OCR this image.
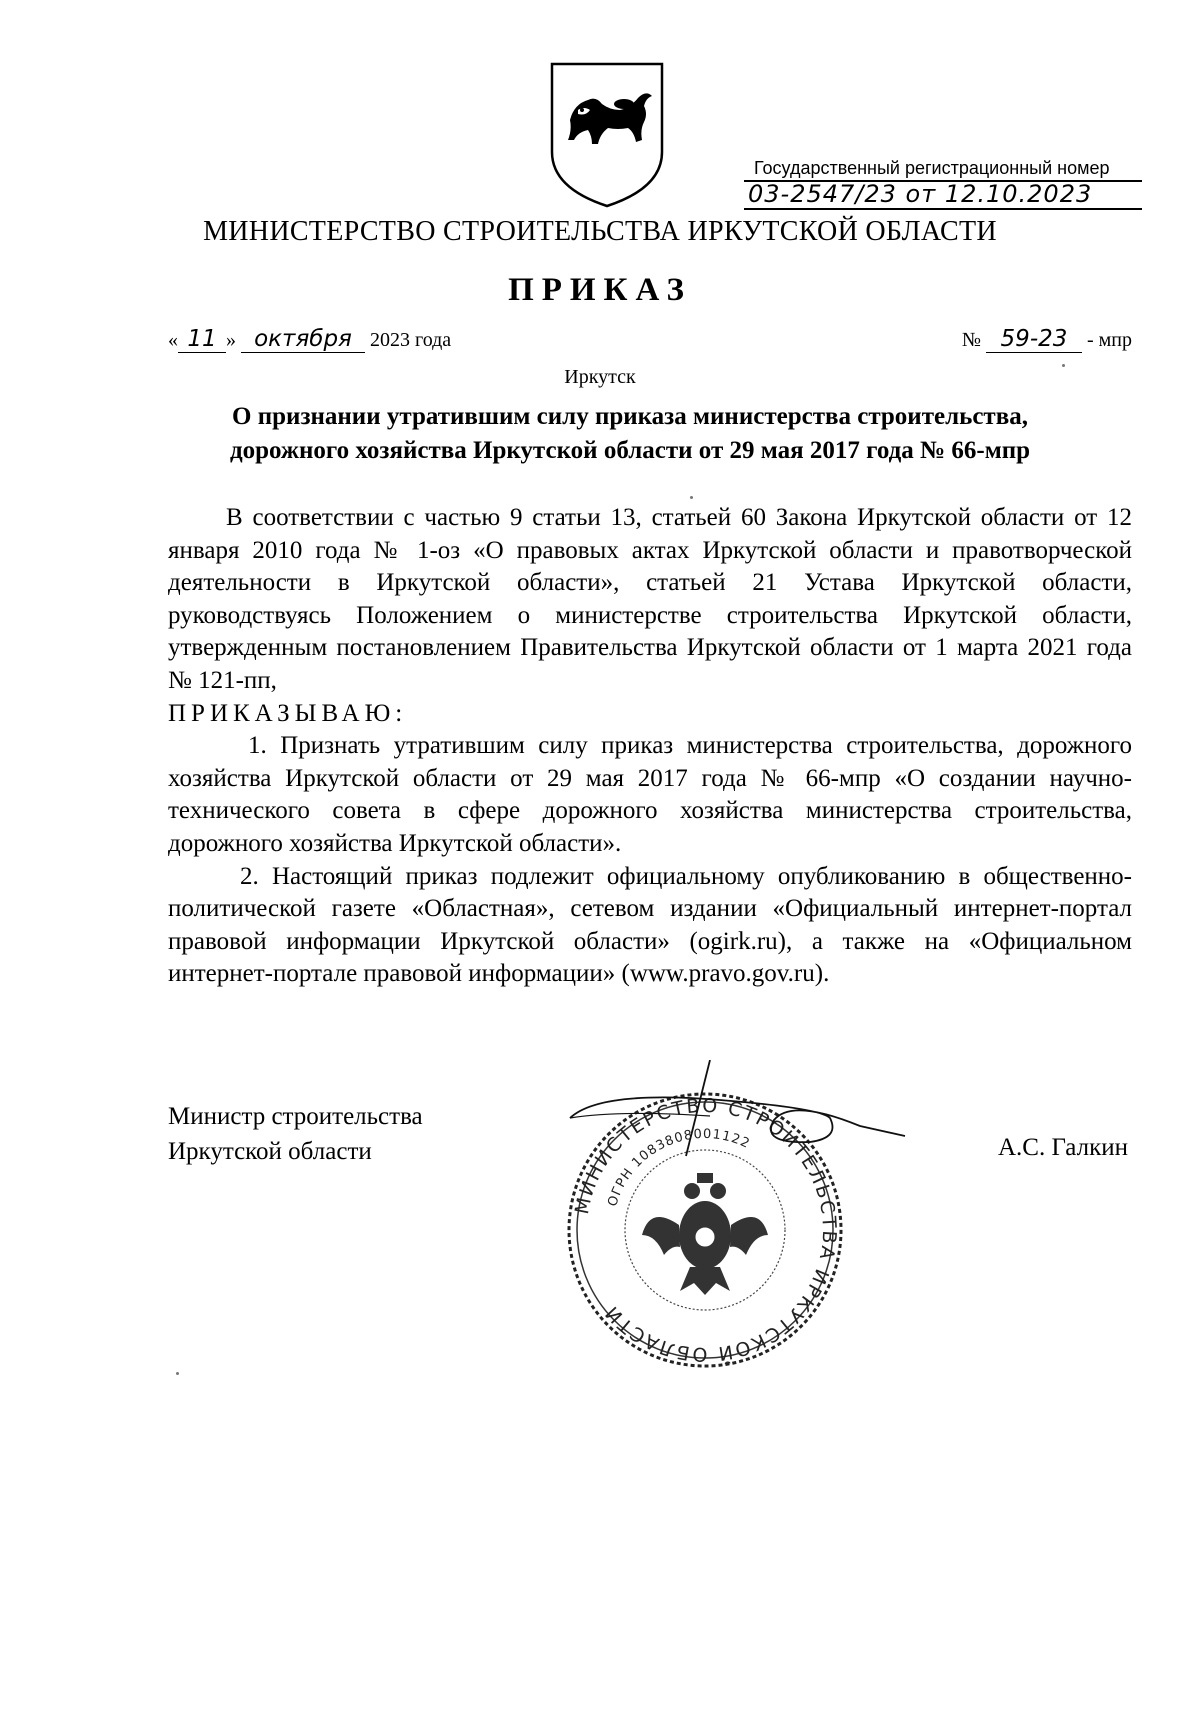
Государственный регистрационный номер
03-2547/23 от 12.10.2023
МИНИСТЕРСТВО СТРОИТЕЛЬСТВА ИРКУТСКОЙ ОБЛАСТИ
ПРИКАЗ
« 11 » октября 2023 года	№ 59-23 - мпр
Иркутск
О признании утратившим силу приказа министерства строительства,
дорожного хозяйства Иркутской области от 29 мая 2017 года № 66-мпр

В соответствии с частью 9 статьи 13, статьей 60 Закона Иркутской области от 12 января 2010 года № 1-оз «О правовых актах Иркутской области и правотворческой деятельности в Иркутской области», статьей 21 Устава Иркутской области, руководствуясь Положением о министерстве строительства Иркутской области, утвержденным постановлением Правительства Иркутской области от 1 марта 2021 года № 121-пп,

ПРИКАЗЫВАЮ:

1. Признать утратившим силу приказ министерства строительства, дорожного хозяйства Иркутской области от 29 мая 2017 года № 66-мпр «О создании научно-технического совета в сфере дорожного хозяйства министерства строительства, дорожного хозяйства Иркутской области».

2. Настоящий приказ подлежит официальному опубликованию в общественно-политической газете «Областная», сетевом издании «Официальный интернет-портал правовой информации Иркутской области» (ogirk.ru), а также на «Официальном интернет-портале правовой информации» (www.pravo.gov.ru).

МИНИСТЕРСТВО СТРОИТЕЛЬСТВА ИРКУТСКОЙ ОБЛАСТИ
ОГРН 1083808001122
Министр строительства
Иркутской области	А.С. Галкин
